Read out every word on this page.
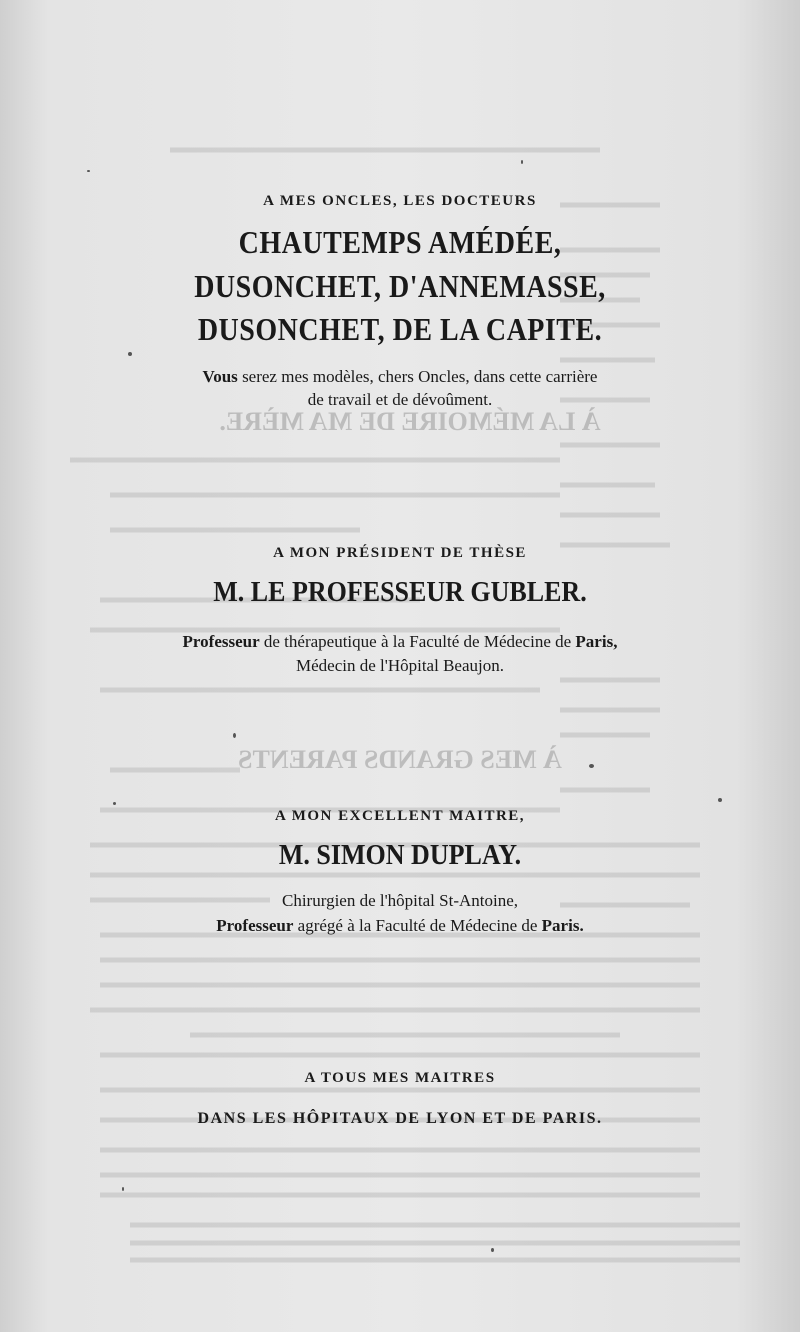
À LA MÉMOIRE DE MA MÈRE.
À MES GRANDS PARENTS
A MES ONCLES, LES DOCTEURS
CHAUTEMPS AMÉDÉE,
DUSONCHET, D'ANNEMASSE,
DUSONCHET, DE LA CAPITE.
Vous serez mes modèles, chers Oncles, dans cette carrière
de travail et de dévoûment.
A MON PRÉSIDENT DE THÈSE
M. LE PROFESSEUR GUBLER.
Professeur de thérapeutique à la Faculté de Médecine de Paris,
Médecin de l'Hôpital Beaujon.
A MON EXCELLENT MAITRE,
M. SIMON DUPLAY.
Chirurgien de l'hôpital St-Antoine,
Professeur agrégé à la Faculté de Médecine de Paris.
A TOUS MES MAITRES
DANS LES HÔPITAUX DE LYON ET DE PARIS.
